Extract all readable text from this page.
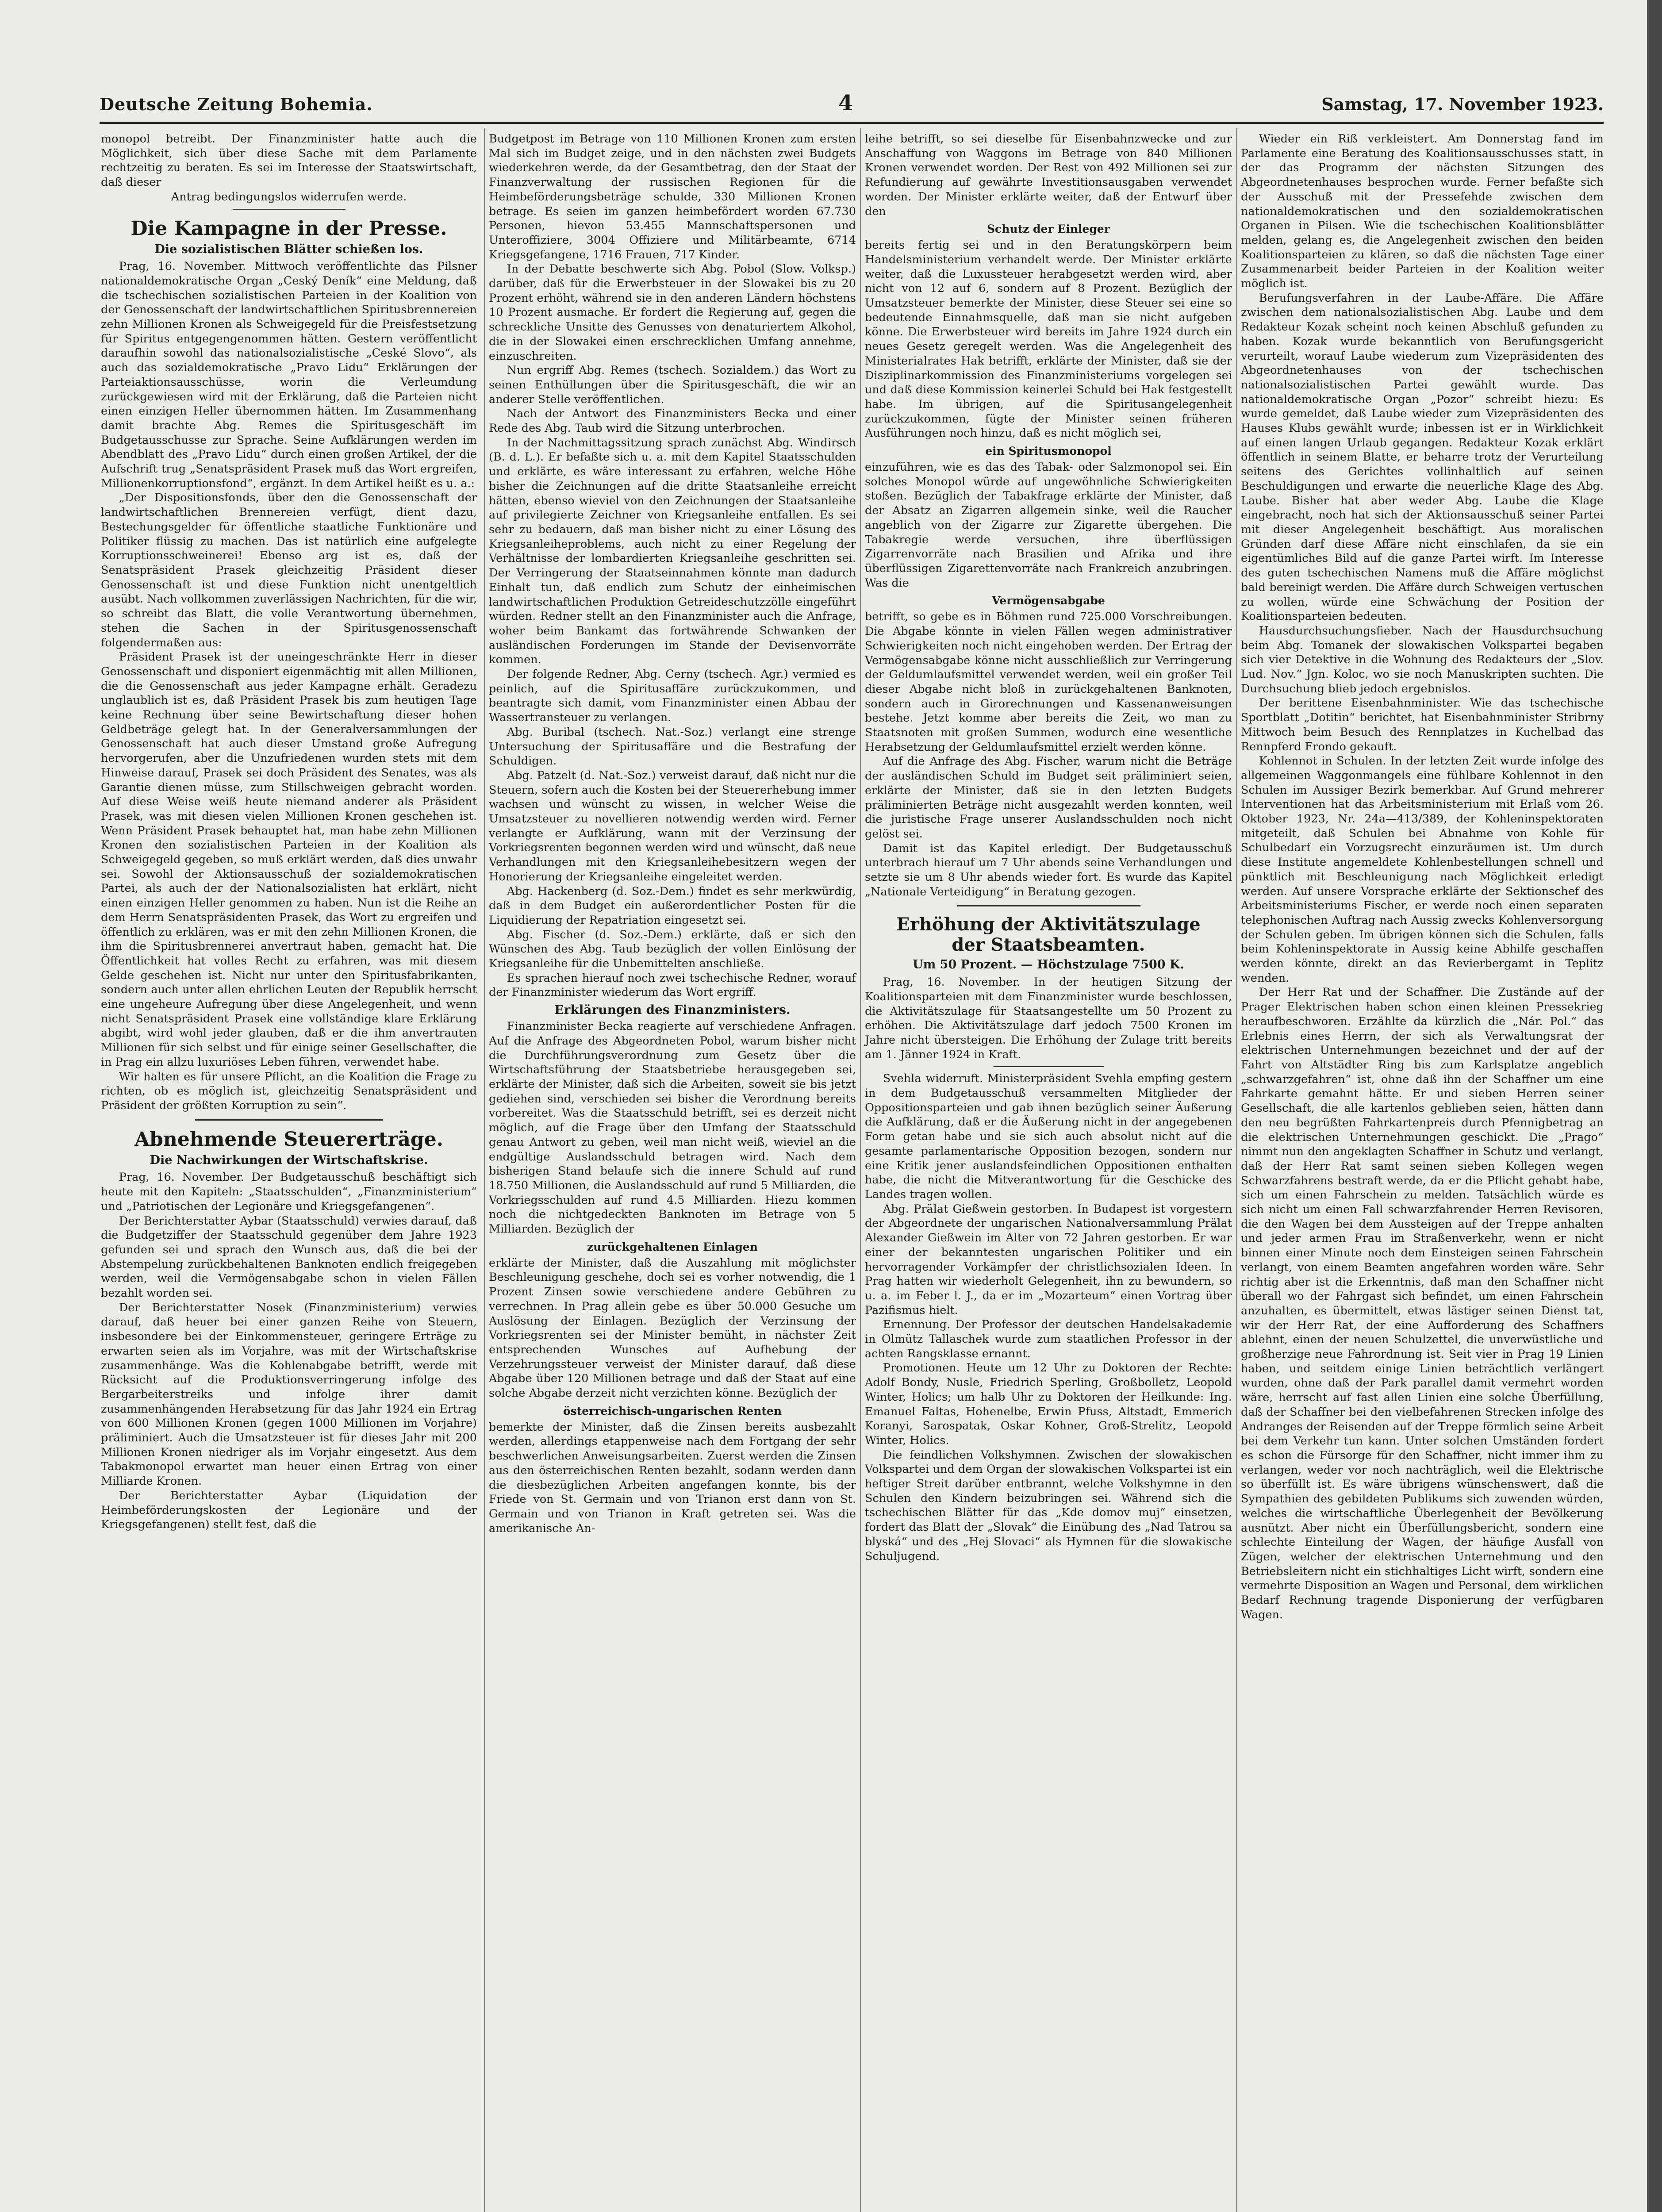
Deutsche Zeitung Bohemia.	4	Samstag, 17. November 1923.

monopol betreibt. Der Finanzminister hatte auch die Möglichkeit, sich über diese Sache mit dem Parlamente rechtzeitig zu beraten. Es sei im Interesse der Staatswirtschaft, daß dieser

Antrag bedingungslos widerrufen werde.

Die Kampagne in der Presse.
Die sozialistischen Blätter schießen los.

Prag, 16. November. Mittwoch veröffentlichte das Pilsner nationaldemokratische Organ „Ceský Deník“ eine Meldung, daß die tschechischen sozialistischen Parteien in der Koalition von der Genossenschaft der landwirtschaftlichen Spiritusbrennereien zehn Millionen Kronen als Schweigegeld für die Preisfestsetzung für Spiritus entgegengenommen hätten. Gestern veröffentlicht daraufhin sowohl das nationalsozialistische „Ceské Slovo“, als auch das sozialdemokratische „Pravo Lidu“ Erklärungen der Parteiaktionsausschüsse, worin die Verleumdung zurückgewiesen wird mit der Erklärung, daß die Parteien nicht einen einzigen Heller übernommen hätten. Im Zusammenhang damit brachte Abg. Remes die Spiritusgeschäft im Budgetausschusse zur Sprache. Seine Aufklärungen werden im Abendblatt des „Pravo Lidu“ durch einen großen Artikel, der die Aufschrift trug „Senatspräsident Prasek muß das Wort ergreifen, Millionenkorruptionsfond“, ergänzt. In dem Artikel heißt es u. a.:

„Der Dispositionsfonds, über den die Genossenschaft der landwirtschaftlichen Brennereien verfügt, dient dazu, Bestechungsgelder für öffentliche staatliche Funktionäre und Politiker flüssig zu machen. Das ist natürlich eine aufgelegte Korruptionsschweinerei! Ebenso arg ist es, daß der Senatspräsident Prasek gleichzeitig Präsident dieser Genossenschaft ist und diese Funktion nicht unentgeltlich ausübt. Nach vollkommen zuverlässigen Nachrichten, für die wir, so schreibt das Blatt, die volle Verantwortung übernehmen, stehen die Sachen in der Spiritusgenossenschaft folgendermaßen aus:

Präsident Prasek ist der uneingeschränkte Herr in dieser Genossenschaft und disponiert eigenmächtig mit allen Millionen, die die Genossenschaft aus jeder Kampagne erhält. Geradezu unglaublich ist es, daß Präsident Prasek bis zum heutigen Tage keine Rechnung über seine Bewirtschaftung dieser hohen Geldbeträge gelegt hat. In der Generalversammlungen der Genossenschaft hat auch dieser Umstand große Aufregung hervorgerufen, aber die Unzufriedenen wurden stets mit dem Hinweise darauf, Prasek sei doch Präsident des Senates, was als Garantie dienen müsse, zum Stillschweigen gebracht worden. Auf diese Weise weiß heute niemand anderer als Präsident Prasek, was mit diesen vielen Millionen Kronen geschehen ist. Wenn Präsident Prasek behauptet hat, man habe zehn Millionen Kronen den sozialistischen Parteien in der Koalition als Schweigegeld gegeben, so muß erklärt werden, daß dies unwahr sei. Sowohl der Aktionsausschuß der sozialdemokratischen Partei, als auch der der Nationalsozialisten hat erklärt, nicht einen einzigen Heller genommen zu haben. Nun ist die Reihe an dem Herrn Senatspräsidenten Prasek, das Wort zu ergreifen und öffentlich zu erklären, was er mit den zehn Millionen Kronen, die ihm die Spiritusbrennerei anvertraut haben, gemacht hat. Die Öffentlichkeit hat volles Recht zu erfahren, was mit diesem Gelde geschehen ist. Nicht nur unter den Spiritusfabrikanten, sondern auch unter allen ehrlichen Leuten der Republik herrscht eine ungeheure Aufregung über diese Angelegenheit, und wenn nicht Senatspräsident Prasek eine vollständige klare Erklärung abgibt, wird wohl jeder glauben, daß er die ihm anvertrauten Millionen für sich selbst und für einige seiner Gesellschafter, die in Prag ein allzu luxuriöses Leben führen, verwendet habe.

Wir halten es für unsere Pflicht, an die Koalition die Frage zu richten, ob es möglich ist, gleichzeitig Senatspräsident und Präsident der größten Korruption zu sein“.

Abnehmende Steuererträge.
Die Nachwirkungen der Wirtschaftskrise.

Prag, 16. November. Der Budgetausschuß beschäftigt sich heute mit den Kapiteln: „Staatsschulden“, „Finanzministerium“ und „Patriotischen der Legionäre und Kriegsgefangenen“.

Der Berichterstatter Aybar (Staatsschuld) verwies darauf, daß die Budgetziffer der Staatsschuld gegenüber dem Jahre 1923 gefunden sei und sprach den Wunsch aus, daß die bei der Abstempelung zurückbehaltenen Banknoten endlich freigegeben werden, weil die Vermögensabgabe schon in vielen Fällen bezahlt worden sei.

Der Berichterstatter Nosek (Finanzministerium) verwies darauf, daß heuer bei einer ganzen Reihe von Steuern, insbesondere bei der Einkommensteuer, geringere Erträge zu erwarten seien als im Vorjahre, was mit der Wirtschaftskrise zusammenhänge. Was die Kohlenabgabe betrifft, werde mit Rücksicht auf die Produktionsverringerung infolge des Bergarbeiterstreiks und infolge ihrer damit zusammenhängenden Herabsetzung für das Jahr 1924 ein Ertrag von 600 Millionen Kronen (gegen 1000 Millionen im Vorjahre) präliminiert. Auch die Umsatzsteuer ist für dieses Jahr mit 200 Millionen Kronen niedriger als im Vorjahr eingesetzt. Aus dem Tabakmonopol erwartet man heuer einen Ertrag von einer Milliarde Kronen.

Der Berichterstatter Aybar (Liquidation der Heimbeförderungskosten der Legionäre und der Kriegsgefangenen) stellt fest, daß die

Budgetpost im Betrage von 110 Millionen Kronen zum ersten Mal sich im Budget zeige, und in den nächsten zwei Budgets wiederkehren werde, da der Gesamtbetrag, den der Staat der Finanzverwaltung der russischen Regionen für die Heimbeförderungsbeträge schulde, 330 Millionen Kronen betrage. Es seien im ganzen heimbefördert worden 67.730 Personen, hievon 53.455 Mannschaftspersonen und Unteroffiziere, 3004 Offiziere und Militärbeamte, 6714 Kriegsgefangene, 1716 Frauen, 717 Kinder.

In der Debatte beschwerte sich Abg. Pobol (Slow. Volksp.) darüber, daß für die Erwerbsteuer in der Slowakei bis zu 20 Prozent erhöht, während sie in den anderen Ländern höchstens 10 Prozent ausmache. Er fordert die Regierung auf, gegen die schreckliche Unsitte des Genusses von denaturiertem Alkohol, die in der Slowakei einen erschrecklichen Umfang annehme, einzuschreiten.

Nun ergriff Abg. Remes (tschech. Sozialdem.) das Wort zu seinen Enthüllungen über die Spiritusgeschäft, die wir an anderer Stelle veröffentlichen.

Nach der Antwort des Finanzministers Becka und einer Rede des Abg. Taub wird die Sitzung unterbrochen.

In der Nachmittagssitzung sprach zunächst Abg. Windirsch (B. d. L.). Er befaßte sich u. a. mit dem Kapitel Staatsschulden und erklärte, es wäre interessant zu erfahren, welche Höhe bisher die Zeichnungen auf die dritte Staatsanleihe erreicht hätten, ebenso wieviel von den Zeichnungen der Staatsanleihe auf privilegierte Zeichner von Kriegsanleihe entfallen. Es sei sehr zu bedauern, daß man bisher nicht zu einer Lösung des Kriegsanleiheproblems, auch nicht zu einer Regelung der Verhältnisse der lombardierten Kriegsanleihe geschritten sei. Der Verringerung der Staatseinnahmen könnte man dadurch Einhalt tun, daß endlich zum Schutz der einheimischen landwirtschaftlichen Produktion Getreideschutzzölle eingeführt würden. Redner stellt an den Finanzminister auch die Anfrage, woher beim Bankamt das fortwährende Schwanken der ausländischen Forderungen im Stande der Devisenvorräte kommen.

Der folgende Redner, Abg. Cerny (tschech. Agr.) vermied es peinlich, auf die Spiritusaffäre zurückzukommen, und beantragte sich damit, vom Finanzminister einen Abbau der Wassertransteuer zu verlangen.

Abg. Buribal (tschech. Nat.-Soz.) verlangt eine strenge Untersuchung der Spiritusaffäre und die Bestrafung der Schuldigen.

Abg. Patzelt (d. Nat.-Soz.) verweist darauf, daß nicht nur die Steuern, sofern auch die Kosten bei der Steuererhebung immer wachsen und wünscht zu wissen, in welcher Weise die Umsatzsteuer zu novellieren notwendig werden wird. Ferner verlangte er Aufklärung, wann mit der Verzinsung der Vorkriegsrenten begonnen werden wird und wünscht, daß neue Verhandlungen mit den Kriegsanleihebesitzern wegen der Honorierung der Kriegsanleihe eingeleitet werden.

Abg. Hackenberg (d. Soz.-Dem.) findet es sehr merkwürdig, daß in dem Budget ein außerordentlicher Posten für die Liquidierung der Repatriation eingesetzt sei.

Abg. Fischer (d. Soz.-Dem.) erklärte, daß er sich den Wünschen des Abg. Taub bezüglich der vollen Einlösung der Kriegsanleihe für die Unbemittelten anschließe.

Es sprachen hierauf noch zwei tschechische Redner, worauf der Finanzminister wiederum das Wort ergriff.

Erklärungen des Finanzministers.

Finanzminister Becka reagierte auf verschiedene Anfragen. Auf die Anfrage des Abgeordneten Pobol, warum bisher nicht die Durchführungsverordnung zum Gesetz über die Wirtschaftsführung der Staatsbetriebe herausgegeben sei, erklärte der Minister, daß sich die Arbeiten, soweit sie bis jetzt gediehen sind, verschieden sei bisher die Verordnung bereits vorbereitet. Was die Staatsschuld betrifft, sei es derzeit nicht möglich, auf die Frage über den Umfang der Staatsschuld genau Antwort zu geben, weil man nicht weiß, wieviel an die endgültige Auslandsschuld betragen wird. Nach dem bisherigen Stand belaufe sich die innere Schuld auf rund 18.750 Millionen, die Auslandsschuld auf rund 5 Milliarden, die Vorkriegsschulden auf rund 4.5 Milliarden. Hiezu kommen noch die nichtgedeckten Banknoten im Betrage von 5 Milliarden. Bezüglich der

zurückgehaltenen Einlagen

erklärte der Minister, daß die Auszahlung mit möglichster Beschleunigung geschehe, doch sei es vorher notwendig, die 1 Prozent Zinsen sowie verschiedene andere Gebühren zu verrechnen. In Prag allein gebe es über 50.000 Gesuche um Auslösung der Einlagen. Bezüglich der Verzinsung der Vorkriegsrenten sei der Minister bemüht, in nächster Zeit entsprechenden Wunsches auf Aufhebung der Verzehrungssteuer verweist der Minister darauf, daß diese Abgabe über 120 Millionen betrage und daß der Staat auf eine solche Abgabe derzeit nicht verzichten könne. Bezüglich der

österreichisch-ungarischen Renten

bemerkte der Minister, daß die Zinsen bereits ausbezahlt werden, allerdings etappenweise nach dem Fortgang der sehr beschwerlichen Anweisungsarbeiten. Zuerst werden die Zinsen aus den österreichischen Renten bezahlt, sodann werden dann die diesbezüglichen Arbeiten angefangen konnte, bis der Friede von St. Germain und von Trianon erst dann von St. Germain und von Trianon in Kraft getreten sei. Was die amerikanische An-

leihe betrifft, so sei dieselbe für Eisenbahnzwecke und zur Anschaffung von Waggons im Betrage von 840 Millionen Kronen verwendet worden. Der Rest von 492 Millionen sei zur Refundierung auf gewährte Investitionsausgaben verwendet worden. Der Minister erklärte weiter, daß der Entwurf über den

Schutz der Einleger

bereits fertig sei und in den Beratungskörpern beim Handelsministerium verhandelt werde. Der Minister erklärte weiter, daß die Luxussteuer herabgesetzt werden wird, aber nicht von 12 auf 6, sondern auf 8 Prozent. Bezüglich der Umsatzsteuer bemerkte der Minister, diese Steuer sei eine so bedeutende Einnahmsquelle, daß man sie nicht aufgeben könne. Die Erwerbsteuer wird bereits im Jahre 1924 durch ein neues Gesetz geregelt werden. Was die Angelegenheit des Ministerialrates Hak betrifft, erklärte der Minister, daß sie der Disziplinarkommission des Finanzministeriums vorgelegen sei und daß diese Kommission keinerlei Schuld bei Hak festgestellt habe. Im übrigen, auf die Spiritusangelegenheit zurückzukommen, fügte der Minister seinen früheren Ausführungen noch hinzu, daß es nicht möglich sei,

ein Spiritusmonopol

einzuführen, wie es das des Tabak- oder Salzmonopol sei. Ein solches Monopol würde auf ungewöhnliche Schwierigkeiten stoßen. Bezüglich der Tabakfrage erklärte der Minister, daß der Absatz an Zigarren allgemein sinke, weil die Raucher angeblich von der Zigarre zur Zigarette übergehen. Die Tabakregie werde versuchen, ihre überflüssigen Zigarrenvorräte nach Brasilien und Afrika und ihre überflüssigen Zigarettenvorräte nach Frankreich anzubringen. Was die

Vermögensabgabe

betrifft, so gebe es in Böhmen rund 725.000 Vorschreibungen. Die Abgabe könnte in vielen Fällen wegen administrativer Schwierigkeiten noch nicht eingehoben werden. Der Ertrag der Vermögensabgabe könne nicht ausschließlich zur Verringerung der Geldumlaufsmittel verwendet werden, weil ein großer Teil dieser Abgabe nicht bloß in zurückgehaltenen Banknoten, sondern auch in Girorechnungen und Kassenanweisungen bestehe. Jetzt komme aber bereits die Zeit, wo man zu Staatsnoten mit großen Summen, wodurch eine wesentliche Herabsetzung der Geldumlaufsmittel erzielt werden könne.

Auf die Anfrage des Abg. Fischer, warum nicht die Beträge der ausländischen Schuld im Budget seit präliminiert seien, erklärte der Minister, daß sie in den letzten Budgets präliminierten Beträge nicht ausgezahlt werden konnten, weil die juristische Frage unserer Auslandsschulden noch nicht gelöst sei.

Damit ist das Kapitel erledigt. Der Budgetausschuß unterbrach hierauf um 7 Uhr abends seine Verhandlungen und setzte sie um 8 Uhr abends wieder fort. Es wurde das Kapitel „Nationale Verteidigung“ in Beratung gezogen.

Erhöhung der Aktivitätszulage
der Staatsbeamten.
Um 50 Prozent. — Höchstzulage 7500 K.

Prag, 16. November. In der heutigen Sitzung der Koalitionsparteien mit dem Finanzminister wurde beschlossen, die Aktivitätszulage für Staatsangestellte um 50 Prozent zu erhöhen. Die Aktivitätszulage darf jedoch 7500 Kronen im Jahre nicht übersteigen. Die Erhöhung der Zulage tritt bereits am 1. Jänner 1924 in Kraft.

Svehla widerruft. Ministerpräsident Svehla empfing gestern in dem Budgetausschuß versammelten Mitglieder der Oppositionsparteien und gab ihnen bezüglich seiner Äußerung die Aufklärung, daß er die Äußerung nicht in der angegebenen Form getan habe und sie sich auch absolut nicht auf die gesamte parlamentarische Opposition bezogen, sondern nur eine Kritik jener auslandsfeindlichen Oppositionen enthalten habe, die nicht die Mitverantwortung für die Geschicke des Landes tragen wollen.

Abg. Prälat Gießwein gestorben. In Budapest ist vorgestern der Abgeordnete der ungarischen Nationalversammlung Prälat Alexander Gießwein im Alter von 72 Jahren gestorben. Er war einer der bekanntesten ungarischen Politiker und ein hervorragender Vorkämpfer der christlichsozialen Ideen. In Prag hatten wir wiederholt Gelegenheit, ihn zu bewundern, so u. a. im Feber l. J., da er im „Mozarteum“ einen Vortrag über Pazifismus hielt.

Ernennung. Der Professor der deutschen Handelsakademie in Olmütz Tallaschek wurde zum staatlichen Professor in der achten Rangsklasse ernannt.

Promotionen. Heute um 12 Uhr zu Doktoren der Rechte: Adolf Bondy, Nusle, Friedrich Sperling, Großbolletz, Leopold Winter, Holics; um halb Uhr zu Doktoren der Heilkunde: Ing. Emanuel Faltas, Hohenelbe, Erwin Pfuss, Altstadt, Emmerich Koranyi, Sarospatak, Oskar Kohner, Groß-Strelitz, Leopold Winter, Holics.

Die feindlichen Volkshymnen. Zwischen der slowakischen Volkspartei und dem Organ der slowakischen Volkspartei ist ein heftiger Streit darüber entbrannt, welche Volkshymne in den Schulen den Kindern beizubringen sei. Während sich die tschechischen Blätter für das „Kde domov muj“ einsetzen, fordert das Blatt der „Slovak“ die Einübung des „Nad Tatrou sa blyská“ und des „Hej Slovaci“ als Hymnen für die slowakische Schuljugend.

Wieder ein Riß verkleistert. Am Donnerstag fand im Parlamente eine Beratung des Koalitionsausschusses statt, in der das Programm der nächsten Sitzungen des Abgeordnetenhauses besprochen wurde. Ferner befaßte sich der Ausschuß mit der Pressefehde zwischen dem nationaldemokratischen und den sozialdemokratischen Organen in Pilsen. Wie die tschechischen Koalitionsblätter melden, gelang es, die Angelegenheit zwischen den beiden Koalitionsparteien zu klären, so daß die nächsten Tage einer Zusammenarbeit beider Parteien in der Koalition weiter möglich ist.

Berufungsverfahren in der Laube-Affäre. Die Affäre zwischen dem nationalsozialistischen Abg. Laube und dem Redakteur Kozak scheint noch keinen Abschluß gefunden zu haben. Kozak wurde bekanntlich von Berufungsgericht verurteilt, worauf Laube wiederum zum Vizepräsidenten des Abgeordnetenhauses von der tschechischen nationalsozialistischen Partei gewählt wurde. Das nationaldemokratische Organ „Pozor“ schreibt hiezu: Es wurde gemeldet, daß Laube wieder zum Vizepräsidenten des Hauses Klubs gewählt wurde; inbessen ist er in Wirklichkeit auf einen langen Urlaub gegangen. Redakteur Kozak erklärt öffentlich in seinem Blatte, er beharre trotz der Verurteilung seitens des Gerichtes vollinhaltlich auf seinen Beschuldigungen und erwarte die neuerliche Klage des Abg. Laube. Bisher hat aber weder Abg. Laube die Klage eingebracht, noch hat sich der Aktionsausschuß seiner Partei mit dieser Angelegenheit beschäftigt. Aus moralischen Gründen darf diese Affäre nicht einschlafen, da sie ein eigentümliches Bild auf die ganze Partei wirft. Im Interesse des guten tschechischen Namens muß die Affäre möglichst bald bereinigt werden. Die Affäre durch Schweigen vertuschen zu wollen, würde eine Schwächung der Position der Koalitionsparteien bedeuten.

Hausdurchsuchungsfieber. Nach der Hausdurchsuchung beim Abg. Tomanek der slowakischen Volkspartei begaben sich vier Detektive in die Wohnung des Redakteurs der „Slov. Lud. Nov.“ Jgn. Koloc, wo sie noch Manuskripten suchten. Die Durchsuchung blieb jedoch ergebnislos.

Der berittene Eisenbahnminister. Wie das tschechische Sportblatt „Dotitin“ berichtet, hat Eisenbahnminister Stribrny Mittwoch beim Besuch des Rennplatzes in Kuchelbad das Rennpferd Frondo gekauft.

Kohlennot in Schulen. In der letzten Zeit wurde infolge des allgemeinen Waggonmangels eine fühlbare Kohlennot in den Schulen im Aussiger Bezirk bemerkbar. Auf Grund mehrerer Interventionen hat das Arbeitsministerium mit Erlaß vom 26. Oktober 1923, Nr. 24a—413/389, der Kohleninspektoraten mitgeteilt, daß Schulen bei Abnahme von Kohle für Schulbedarf ein Vorzugsrecht einzuräumen ist. Um durch diese Institute angemeldete Kohlenbestellungen schnell und pünktlich mit Beschleunigung nach Möglichkeit erledigt werden. Auf unsere Vorsprache erklärte der Sektionschef des Arbeitsministeriums Fischer, er werde noch einen separaten telephonischen Auftrag nach Aussig zwecks Kohlenversorgung der Schulen geben. Im übrigen können sich die Schulen, falls beim Kohleninspektorate in Aussig keine Abhilfe geschaffen werden könnte, direkt an das Revierbergamt in Teplitz wenden.

Der Herr Rat und der Schaffner. Die Zustände auf der Prager Elektrischen haben schon einen kleinen Pressekrieg heraufbeschworen. Erzählte da kürzlich die „Nár. Pol.“ das Erlebnis eines Herrn, der sich als Verwaltungsrat der elektrischen Unternehmungen bezeichnet und der auf der Fahrt von Altstädter Ring bis zum Karlsplatze angeblich „schwarzgefahren“ ist, ohne daß ihn der Schaffner um eine Fahrkarte gemahnt hätte. Er und sieben Herren seiner Gesellschaft, die alle kartenlos geblieben seien, hätten dann den neu begrüßten Fahrkartenpreis durch Pfennigbetrag an die elektrischen Unternehmungen geschickt. Die „Prago“ nimmt nun den angeklagten Schaffner in Schutz und verlangt, daß der Herr Rat samt seinen sieben Kollegen wegen Schwarzfahrens bestraft werde, da er die Pflicht gehabt habe, sich um einen Fahrschein zu melden. Tatsächlich würde es sich nicht um einen Fall schwarzfahrender Herren Revisoren, die den Wagen bei dem Aussteigen auf der Treppe anhalten und jeder armen Frau im Straßenverkehr, wenn er nicht binnen einer Minute noch dem Einsteigen seinen Fahrschein verlangt, von einem Beamten angefahren worden wäre. Sehr richtig aber ist die Erkenntnis, daß man den Schaffner nicht überall wo der Fahrgast sich befindet, um einen Fahrschein anzuhalten, es übermittelt, etwas lästiger seinen Dienst tat, wir der Herr Rat, der eine Aufforderung des Schaffners ablehnt, einen der neuen Schulzettel, die unverwüstliche und großherzige neue Fahrordnung ist. Seit vier in Prag 19 Linien haben, und seitdem einige Linien beträchtlich verlängert wurden, ohne daß der Park parallel damit vermehrt worden wäre, herrscht auf fast allen Linien eine solche Überfüllung, daß der Schaffner bei den vielbefahrenen Strecken infolge des Andranges der Reisenden auf der Treppe förmlich seine Arbeit bei dem Verkehr tun kann. Unter solchen Umständen fordert es schon die Fürsorge für den Schaffner, nicht immer ihm zu verlangen, weder vor noch nachträglich, weil die Elektrische so überfüllt ist. Es wäre übrigens wünschenswert, daß die Sympathien des gebildeten Publikums sich zuwenden würden, welches die wirtschaftliche Überlegenheit der Bevölkerung ausnützt. Aber nicht ein Überfüllungsbericht, sondern eine schlechte Einteilung der Wagen, der häufige Ausfall von Zügen, welcher der elektrischen Unternehmung und den Betriebsleitern nicht ein stichhaltiges Licht wirft, sondern eine vermehrte Disposition an Wagen und Personal, dem wirklichen Bedarf Rechnung tragende Disponierung der verfügbaren Wagen.
